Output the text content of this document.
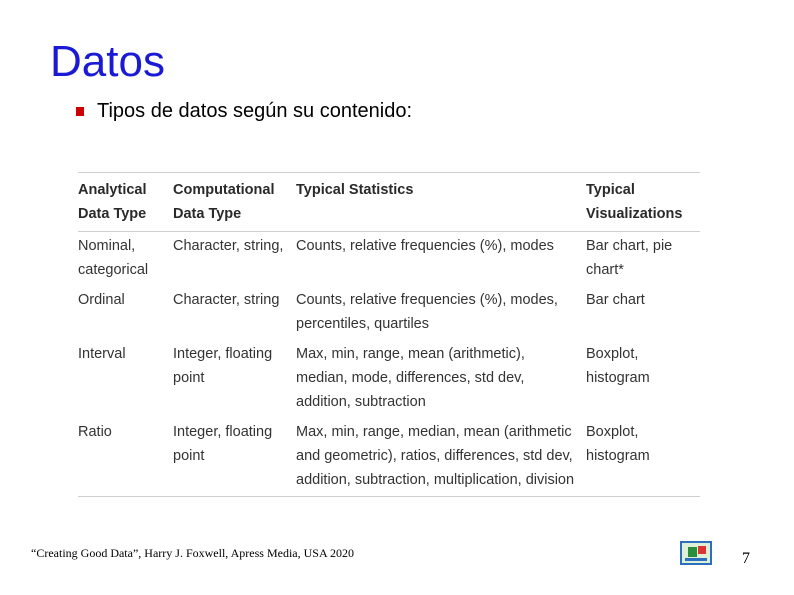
Datos
Tipos de datos según su contenido:
Analytical Data Type	Computational Data Type	Typical Statistics	Typical Visualizations
Nominal, categorical	Character, string,	Counts, relative frequencies (%), modes	Bar chart, pie chart*
Ordinal	Character, string	Counts, relative frequencies (%), modes, percentiles, quartiles	Bar chart
Interval	Integer, floating point	Max, min, range, mean (arithmetic), median, mode, differences, std dev, addition, subtraction	Boxplot, histogram
Ratio	Integer, floating point	Max, min, range, median, mean (arithmetic and geometric), ratios, differences, std dev, addition, subtraction, multiplication, division	Boxplot, histogram
“Creating Good Data”, Harry J. Foxwell, Apress Media, USA 2020	7
